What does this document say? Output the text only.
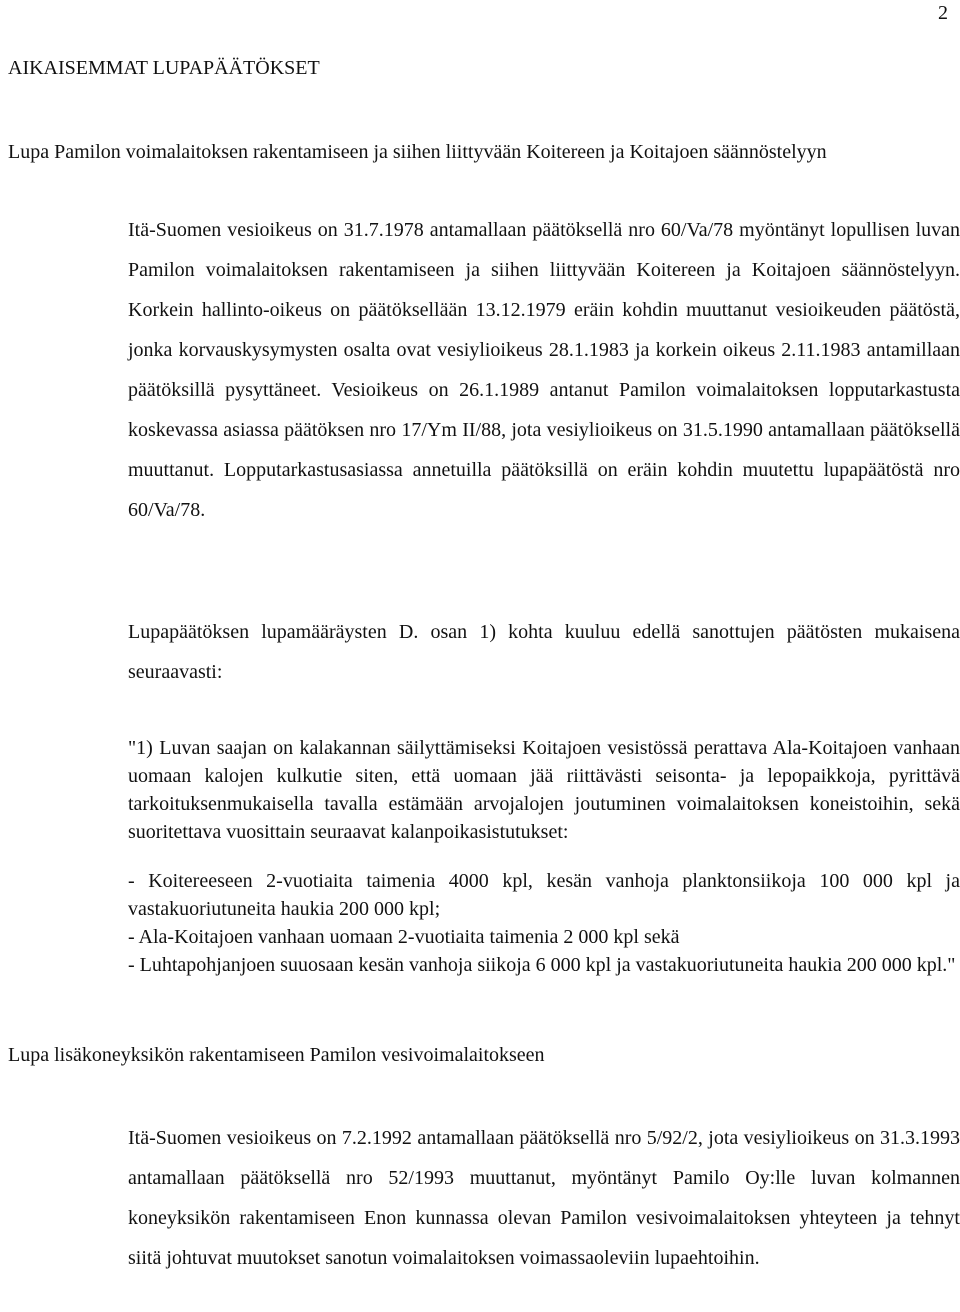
2
AIKAISEMMAT LUPAPÄÄTÖKSET
Lupa Pamilon voimalaitoksen rakentamiseen ja siihen liittyvään Koitereen ja Koitajoen säännöstelyyn
Itä-Suomen vesioikeus on 31.7.1978 antamallaan päätöksellä nro 60/Va/78 myöntänyt lopullisen luvan Pamilon voimalaitoksen rakentamiseen ja siihen liittyvään Koitereen ja Koitajoen säännöstelyyn. Korkein hallinto-oikeus on päätöksellään 13.12.1979 eräin kohdin muuttanut vesioikeuden päätöstä, jonka korvauskysymysten osalta ovat vesiylioikeus 28.1.1983 ja korkein oikeus 2.11.1983 antamillaan päätöksillä pysyttäneet. Vesioikeus on 26.1.1989 antanut Pamilon voimalaitoksen lopputarkastusta koskevassa asiassa päätöksen nro 17/Ym II/88, jota vesiylioikeus on 31.5.1990 antamallaan päätöksellä muuttanut. Lopputarkastusasiassa annetuilla päätöksillä on eräin kohdin muutettu lupapäätöstä nro 60/Va/78.
Lupapäätöksen lupamääräysten D. osan 1) kohta kuuluu edellä sanottujen päätösten mukaisena seuraavasti:
"1) Luvan saajan on kalakannan säilyttämiseksi Koitajoen vesistössä perattava Ala-Koitajoen vanhaan uomaan kalojen kulkutie siten, että uomaan jää riittävästi seisonta- ja lepopaikkoja, pyrittävä tarkoituksenmukaisella tavalla estämään arvojalojen joutuminen voimalaitoksen koneistoihin, sekä suoritettava vuosittain seuraavat kalanpoikasistutukset:
- Koitereeseen 2-vuotiaita taimenia 4000 kpl, kesän vanhoja planktonsiikoja 100 000 kpl ja vastakuoriutuneita haukia 200 000 kpl;
- Ala-Koitajoen vanhaan uomaan 2-vuotiaita taimenia 2 000 kpl sekä
- Luhtapohjanjoen suuosaan kesän vanhoja siikoja 6 000 kpl ja vastakuoriutuneita haukia 200 000 kpl."
Lupa lisäkoneyksikön rakentamiseen Pamilon vesivoimalaitokseen
Itä-Suomen vesioikeus on 7.2.1992 antamallaan päätöksellä nro 5/92/2, jota vesiylioikeus on 31.3.1993 antamallaan päätöksellä nro 52/1993 muuttanut, myöntänyt Pamilo Oy:lle luvan kolmannen koneyksikön rakentamiseen Enon kunnassa olevan Pamilon vesivoimalaitoksen yhteyteen ja tehnyt siitä johtuvat muutokset sanotun voimalaitoksen voimassaoleviin lupaehtoihin.
